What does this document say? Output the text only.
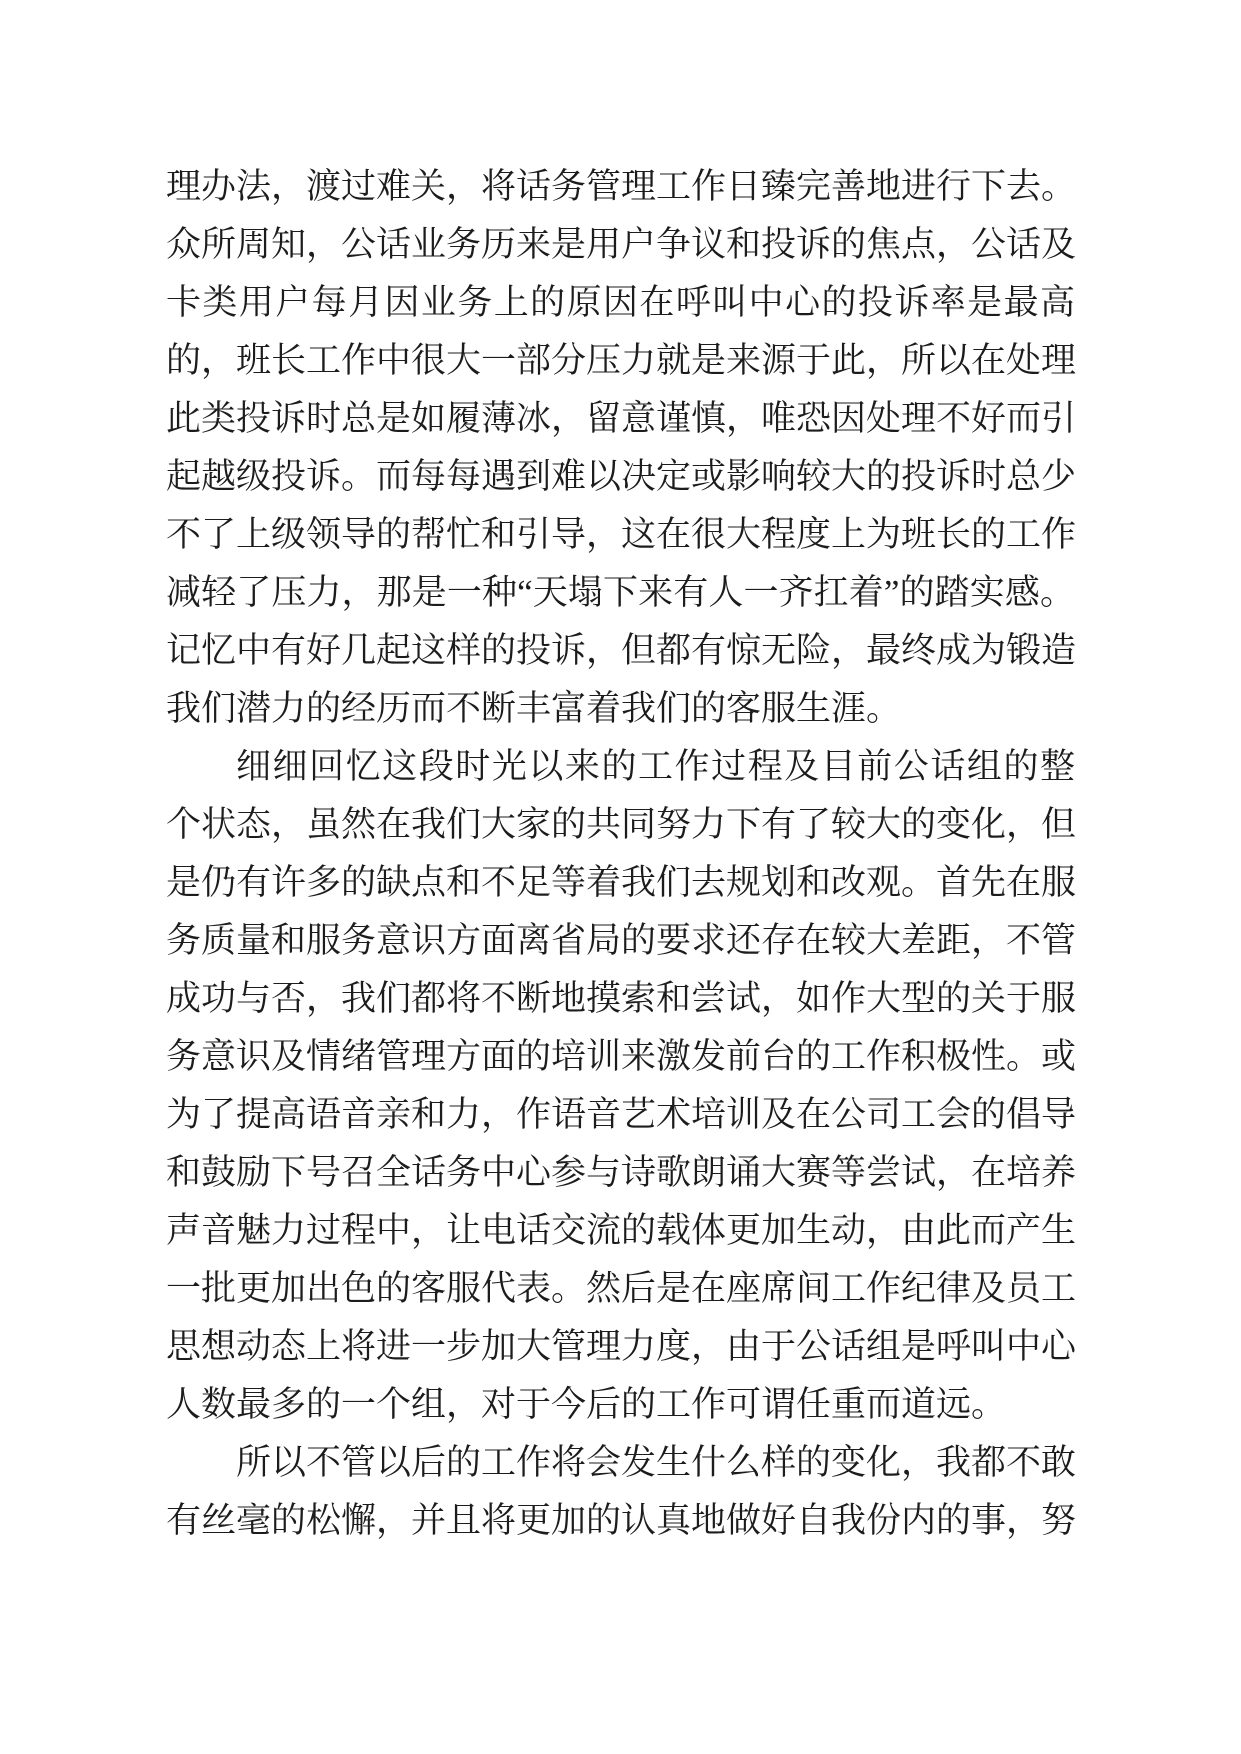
理办法，渡过难关，将话务管理工作日臻完善地进行下去。

众所周知，公话业务历来是用户争议和投诉的焦点，公话及

卡类用户每月因业务上的原因在呼叫中心的投诉率是最高

的，班长工作中很大一部分压力就是来源于此，所以在处理

此类投诉时总是如履薄冰，留意谨慎，唯恐因处理不好而引

起越级投诉。而每每遇到难以决定或影响较大的投诉时总少

不了上级领导的帮忙和引导，这在很大程度上为班长的工作

减轻了压力，那是一种“天塌下来有人一齐扛着”的踏实感。

记忆中有好几起这样的投诉，但都有惊无险，最终成为锻造

我们潜力的经历而不断丰富着我们的客服生涯。

细细回忆这段时光以来的工作过程及目前公话组的整

个状态，虽然在我们大家的共同努力下有了较大的变化，但

是仍有许多的缺点和不足等着我们去规划和改观。首先在服

务质量和服务意识方面离省局的要求还存在较大差距，不管

成功与否，我们都将不断地摸索和尝试，如作大型的关于服

务意识及情绪管理方面的培训来激发前台的工作积极性。或

为了提高语音亲和力，作语音艺术培训及在公司工会的倡导

和鼓励下号召全话务中心参与诗歌朗诵大赛等尝试，在培养

声音魅力过程中，让电话交流的载体更加生动，由此而产生

一批更加出色的客服代表。然后是在座席间工作纪律及员工

思想动态上将进一步加大管理力度，由于公话组是呼叫中心

人数最多的一个组，对于今后的工作可谓任重而道远。

所以不管以后的工作将会发生什么样的变化，我都不敢

有丝毫的松懈，并且将更加的认真地做好自我份内的事，努
